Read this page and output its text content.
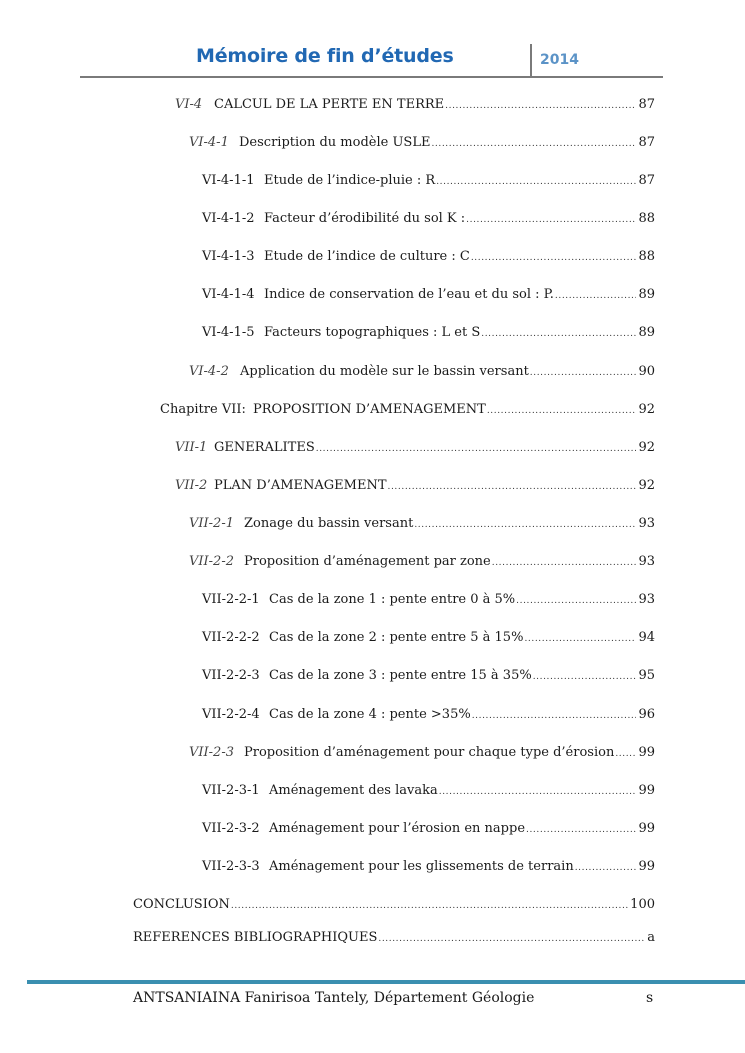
Mémoire de fin d’études	2014
VI-4 CALCUL DE LA PERTE EN TERRE .....	87
VI-4-1 Description du modèle USLE .....	87
VI-4-1-1 Etude de l’indice-pluie : R .....	87
VI-4-1-2 Facteur d’érodibilité du sol K : .....	88
VI-4-1-3 Etude de l’indice de culture : C .....	88
VI-4-1-4 Indice de conservation de l’eau et du sol : P. .....	89
VI-4-1-5 Facteurs topographiques : L et S .....	89
VI-4-2 Application du modèle sur le bassin versant .....	90
Chapitre VII: PROPOSITION D’AMENAGEMENT .....	92
VII-1 GENERALITES .....	92
VII-2 PLAN D’AMENAGEMENT .....	92
VII-2-1 Zonage du bassin versant .....	93
VII-2-2 Proposition d’aménagement par zone .....	93
VII-2-2-1 Cas de la zone 1 : pente entre 0 à 5% .....	93
VII-2-2-2 Cas de la zone 2 : pente entre 5 à 15% .....	94
VII-2-2-3 Cas de la zone 3 : pente entre 15 à 35% .....	95
VII-2-2-4 Cas de la zone 4 : pente >35% .....	96
VII-2-3 Proposition d’aménagement pour chaque type d’érosion ..... 99
VII-2-3-1 Aménagement des lavaka .....	99
VII-2-3-2 Aménagement pour l’érosion en nappe .....	99
VII-2-3-3 Aménagement pour les glissements de terrain .....	99
CONCLUSION .....	100
REFERENCES BIBLIOGRAPHIQUES .....	a
ANTSANIAINA Fanirisoa Tantely, Département Géologie	s
